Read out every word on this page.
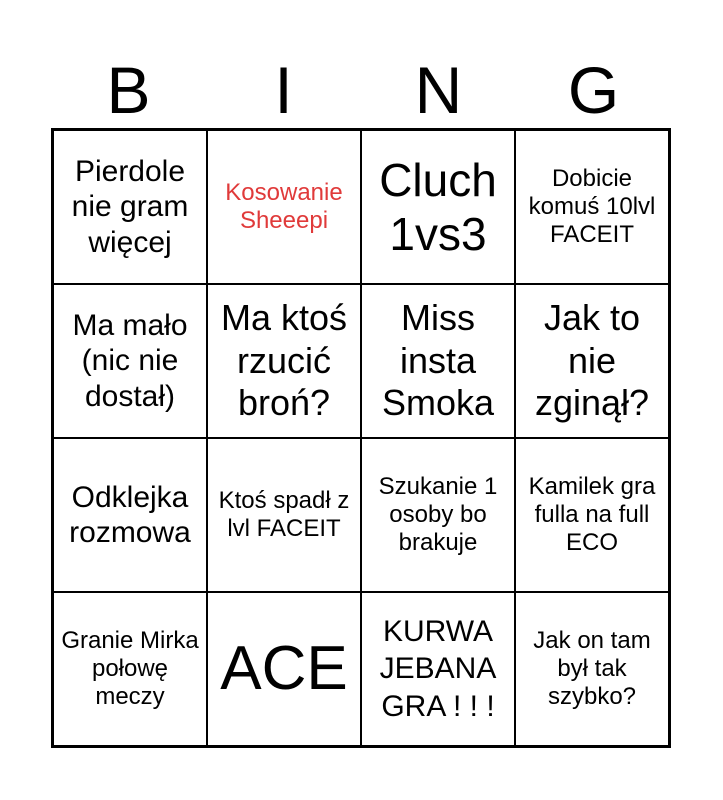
B	I	N	G
Pierdole nie gram więcej
Kosowanie Sheeepi
Cluch 1vs3
Dobicie komuś 10lvl FACEIT
Ma mało (nic nie dostał)
Ma ktoś rzucić broń?
Miss insta Smoka
Jak to nie zginął?
Odklejka rozmowa
Ktoś spadł z lvl FACEIT
Szukanie 1 osoby bo brakuje
Kamilek gra fulla na full ECO
Granie Mirka połowę meczy ACE
KURWA JEBANA GRA ! ! !
Jak on tam był tak szybko?
